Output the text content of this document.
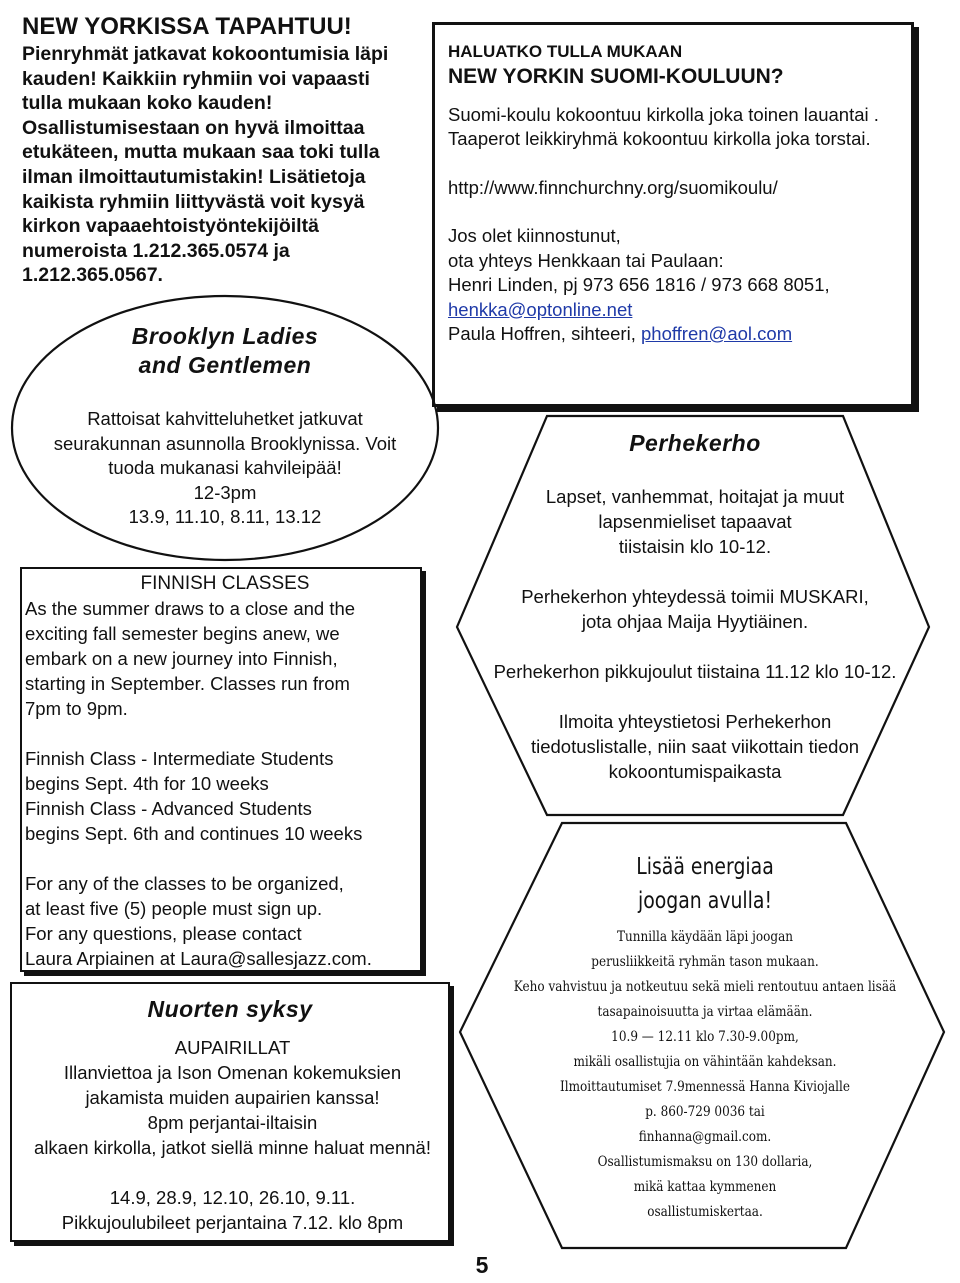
NEW YORKISSA TAPAHTUU!
Pienryhmät jatkavat kokoontumisia läpi
kauden! Kaikkiin ryhmiin voi vapaasti
tulla mukaan koko kauden!
Osallistumisestaan on hyvä ilmoittaa
etukäteen, mutta mukaan saa toki tulla
ilman ilmoittautumistakin! Lisätietoja
kaikista ryhmiin liittyvästä voit kysyä
kirkon vapaaehtoistyöntekijöiltä
numeroista 1.212.365.0574 ja
1.212.365.0567.
HALUATKO TULLA MUKAAN
NEW YORKIN SUOMI-KOULUUN?
Suomi-koulu kokoontuu kirkolla joka toinen lauantai .
Taaperot leikkiryhmä kokoontuu kirkolla joka torstai.
http://www.finnchurchny.org/suomikoulu/
Jos olet kiinnostunut,
ota yhteys Henkkaan tai Paulaan:
Henri Linden, pj 973 656 1816 / 973 668 8051,
henkka@optonline.net
Paula Hoffren, sihteeri, phoffren@aol.com
Brooklyn Ladies
and Gentlemen
Rattoisat kahvitteluhetket jatkuvat
seurakunnan asunnolla Brooklynissa. Voit
tuoda mukanasi kahvileipää!
12-3pm
13.9, 11.10, 8.11, 13.12
FINNISH CLASSES
As the summer draws to a close and the
exciting fall semester begins anew, we
embark on a new journey into Finnish,
starting in September. Classes run from
7pm to 9pm.
Finnish Class - Intermediate Students
begins Sept. 4th for 10 weeks
Finnish Class - Advanced Students
begins Sept. 6th and continues 10 weeks
For any of the classes to be organized,
at least five (5) people must sign up.
For any questions, please contact
Laura Arpiainen at Laura@sallesjazz.com.
Perhekerho
Lapset, vanhemmat, hoitajat ja muut
lapsenmieliset tapaavat
tiistaisin klo 10-12.
Perhekerhon yhteydessä toimii MUSKARI,
jota ohjaa Maija Hyytiäinen.
Perhekerhon pikkujoulut tiistaina 11.12 klo 10-12.
Ilmoita yhteystietosi Perhekerhon
tiedotuslistalle, niin saat viikottain tiedon
kokoontumispaikasta
Nuorten syksy
AUPAIRILLAT
Illanviettoa ja Ison Omenan kokemuksien
jakamista muiden aupairien kanssa!
8pm perjantai-iltaisin
alkaen kirkolla, jatkot siellä minne haluat mennä!
14.9, 28.9, 12.10, 26.10, 9.11.
Pikkujoulubileet perjantaina 7.12. klo 8pm
Lisää energiaa
joogan avulla!
Tunnilla käydään läpi joogan
perusliikkeitä ryhmän tason mukaan.
Keho vahvistuu ja notkeutuu sekä mieli rentoutuu antaen lisää
tasapainoisuutta ja virtaa elämään.
10.9 — 12.11 klo 7.30-9.00pm,
mikäli osallistujia on vähintään kahdeksan.
Ilmoittautumiset 7.9mennessä Hanna Kiviojalle
p. 860-729 0036 tai
finhanna@gmail.com.
Osallistumismaksu on 130 dollaria,
mikä kattaa kymmenen
osallistumiskertaa.
5
